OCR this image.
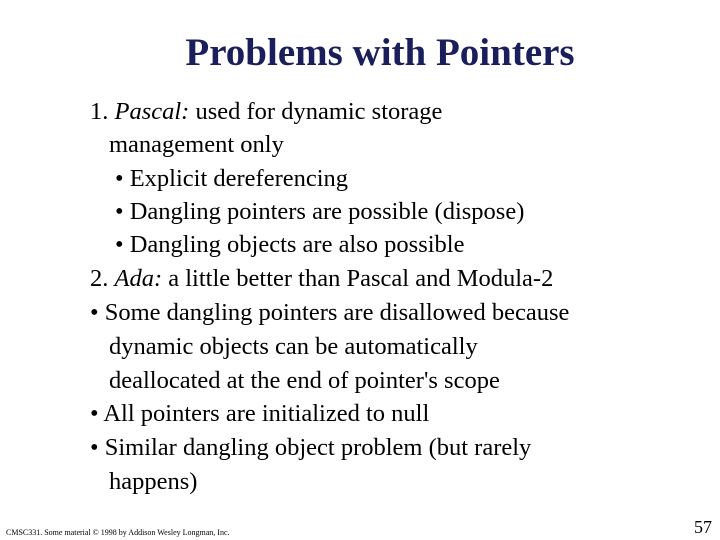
Problems with Pointers
1. Pascal: used for dynamic storage
management only
• Explicit dereferencing
• Dangling pointers are possible (dispose)
• Dangling objects are also possible
2. Ada: a little better than Pascal and Modula-2
• Some dangling pointers are disallowed because
dynamic objects can be automatically
deallocated at the end of pointer's scope
• All pointers are initialized to null
• Similar dangling object problem (but rarely
happens)
CMSC331. Some material © 1998 by Addison Wesley Longman, Inc.	57
